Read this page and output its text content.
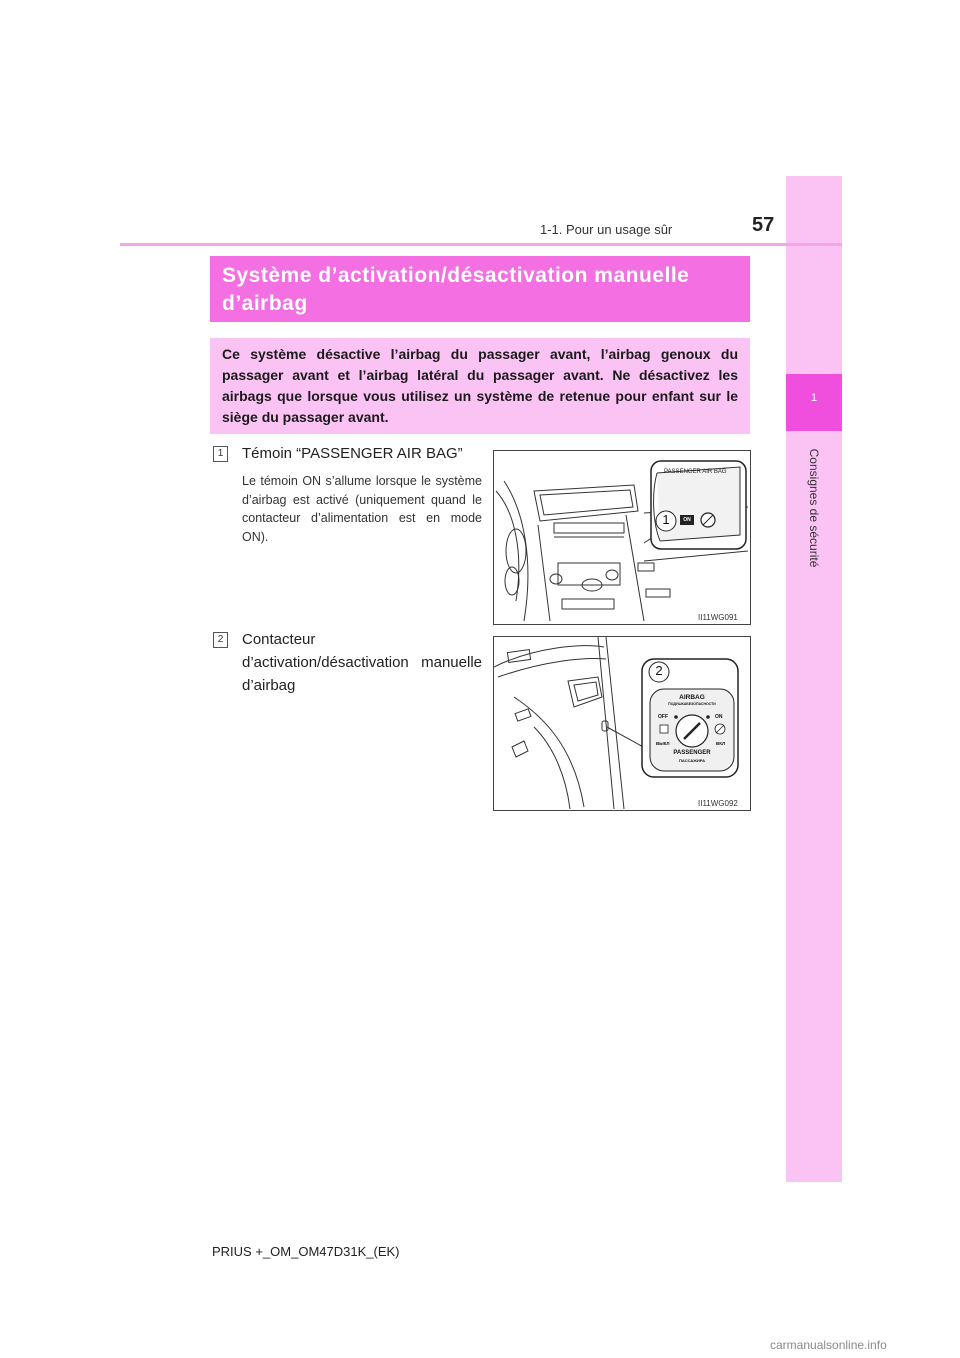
1
Consignes de sécurité
1-1. Pour un usage sûr	57
Système d’activation/désactivation manuelle d’airbag

Ce système désactive l’airbag du passager avant, l’airbag genoux du passager avant et l’airbag latéral du passager avant. Ne désactivez les airbags que lorsque vous utilisez un système de retenue pour enfant sur le siège du passager avant.

1	Témoin “PASSENGER AIR BAG”
Le témoin ON s’allume lorsque le système d’airbag est activé (uniquement quand le contacteur d’alimentation est en mode ON).
2	Contacteur d’activation/désactivation manuelle d’airbag
PASSENGER AIR BAG
1	ON
II11WG091
2
AIRBAG
ПОДУШКАБЕЗОПАСНОСТИ
OFF	ON
ВЫКЛ	ВКЛ
PASSENGER
ПАССАЖИРА
II11WG092
PRIUS +_OM_OM47D31K_(EK)
carmanualsonline.info
